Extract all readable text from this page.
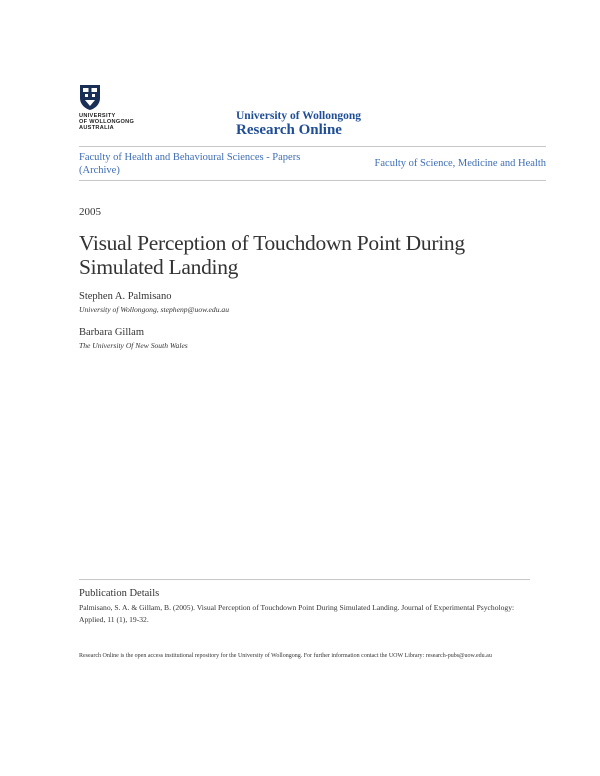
UNIVERSITY
OF WOLLONGONG
AUSTRALIA
University of Wollongong
Research Online
Faculty of Health and Behavioural Sciences - Papers (Archive)
Faculty of Science, Medicine and Health
2005
Visual Perception of Touchdown Point During Simulated Landing
Stephen A. Palmisano
University of Wollongong, stephenp@uow.edu.au
Barbara Gillam
The University Of New South Wales
Publication Details
Palmisano, S. A. & Gillam, B. (2005). Visual Perception of Touchdown Point During Simulated Landing. Journal of Experimental Psychology: Applied, 11 (1), 19-32.
Research Online is the open access institutional repository for the University of Wollongong. For further information contact the UOW Library: research-pubs@uow.edu.au
